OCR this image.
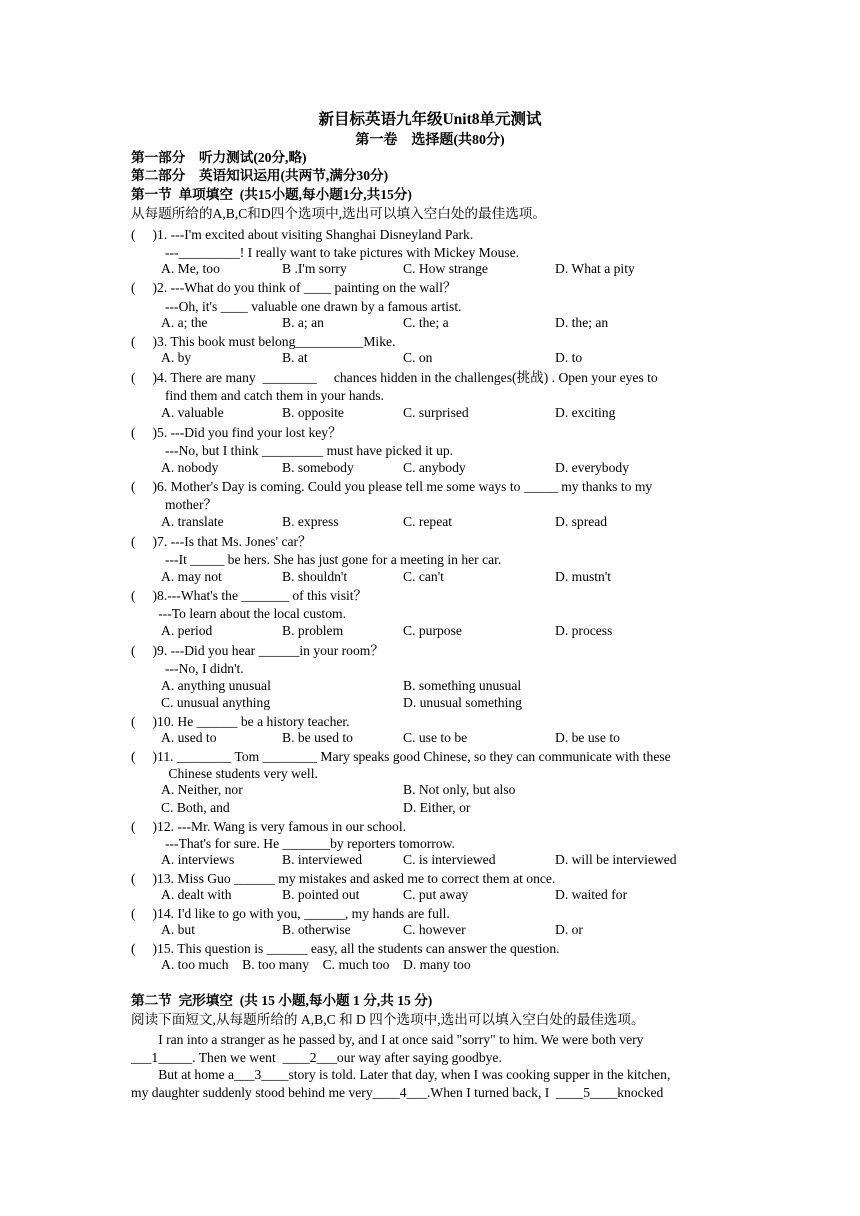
新目标英语九年级Unit8单元测试
第一卷　选择题(共80分)
第一部分　听力测试(20分,略)
第二部分　英语知识运用(共两节,满分30分)
第一节  单项填空  (共15小题,每小题1分,共15分)
从每题所给的A,B,C和D四个选项中,选出可以填入空白处的最佳选项。
(     )1. ---I'm excited about visiting Shanghai Disneyland Park.
---_________! I really want to take pictures with Mickey Mouse.
A. Me, too	B .I'm sorry	C. How strange	D. What a pity
(     )2. ---What do you think of ____ painting on the wall？
---Oh, it's ____ valuable one drawn by a famous artist.
A. a; the	B. a; an	C. the; a	D. the; an
(     )3. This book must belong__________Mike.
A. by	B. at	C. on	D. to
(     )4. There are many  ________     chances hidden in the challenges(挑战) . Open your eyes to
find them and catch them in your hands.
A. valuable	B. opposite	C. surprised	D. exciting
(     )5. ---Did you find your lost key？
---No, but I think _________ must have picked it up.
A. nobody	B. somebody	C. anybody	D. everybody
(     )6. Mother's Day is coming. Could you please tell me some ways to _____ my thanks to my
mother？
A. translate	B. express	C. repeat	D. spread
(     )7. ---Is that Ms. Jones' car？
---It _____ be hers. She has just gone for a meeting in her car.
A. may not	B. shouldn't	C. can't	D. mustn't
(     )8.---What's the _______ of this visit？
---To learn about the local custom.
A. period	B. problem	C. purpose	D. process
(     )9. ---Did you hear ______in your room？
---No, I didn't.
A. anything unusual	B. something unusual
C. unusual anything	D. unusual something
(     )10. He ______ be a history teacher.
A. used to	B. be used to	C. use to be	D. be use to
(     )11. ________ Tom ________ Mary speaks good Chinese, so they can communicate with these
Chinese students very well.
A. Neither, nor	B. Not only, but also
C. Both, and	D. Either, or
(     )12. ---Mr. Wang is very famous in our school.
---That's for sure. He _______by reporters tomorrow.
A. interviews	B. interviewed	C. is interviewed	D. will be interviewed
(     )13. Miss Guo ______ my mistakes and asked me to correct them at once.
A. dealt with	B. pointed out	C. put away	D. waited for
(     )14. I'd like to go with you, ______, my hands are full.
A. but	B. otherwise	C. however	D. or
(     )15. This question is ______ easy, all the students can answer the question.
A. too much    B. too many    C. much too    D. many too
第二节  完形填空  (共 15 小题,每小题 1 分,共 15 分)
阅读下面短文,从每题所给的 A,B,C 和 D 四个选项中,选出可以填入空白处的最佳选项。
I ran into a stranger as he passed by, and I at once said "sorry" to him. We were both very
___1_____. Then we went  ____2___our way after saying goodbye.
But at home a___3____story is told. Later that day, when I was cooking supper in the kitchen,
my daughter suddenly stood behind me very____4___.When I turned back, I  ____5____knocked
